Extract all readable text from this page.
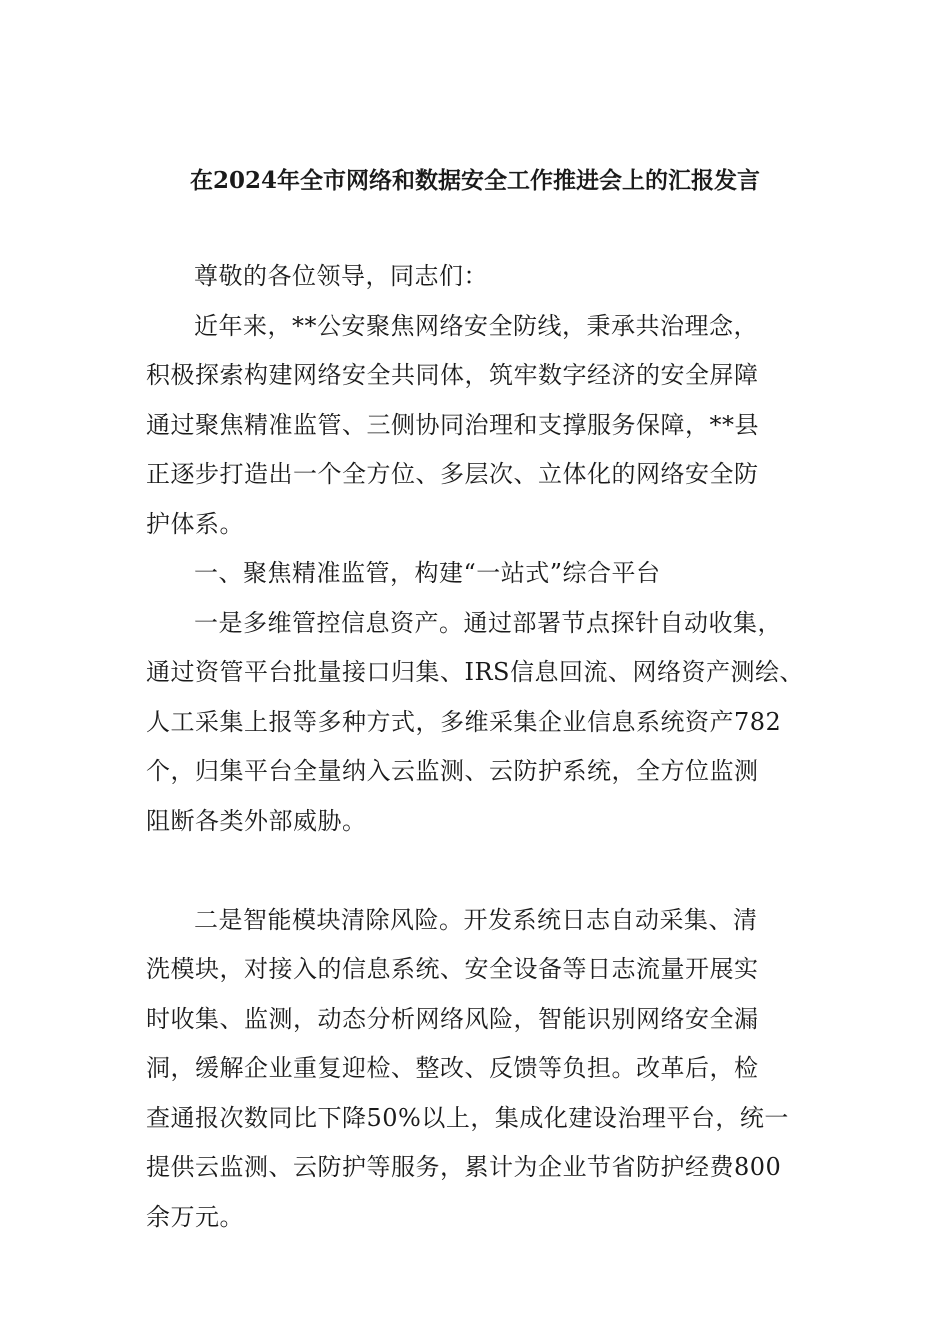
在2024年全市网络和数据安全工作推进会上的汇报发言
尊敬的各位领导，同志们：
近年来，**公安聚焦网络安全防线，秉承共治理念，
积极探索构建网络安全共同体，筑牢数字经济的安全屏障
通过聚焦精准监管、三侧协同治理和支撑服务保障，**县
正逐步打造出一个全方位、多层次、立体化的网络安全防
护体系。
一、聚焦精准监管，构建“一站式”综合平台
一是多维管控信息资产。通过部署节点探针自动收集，
通过资管平台批量接口归集、IRS信息回流、网络资产测绘、
人工采集上报等多种方式，多维采集企业信息系统资产782
个，归集平台全量纳入云监测、云防护系统，全方位监测
阻断各类外部威胁。
二是智能模块清除风险。开发系统日志自动采集、清
洗模块，对接入的信息系统、安全设备等日志流量开展实
时收集、监测，动态分析网络风险，智能识别网络安全漏
洞，缓解企业重复迎检、整改、反馈等负担。改革后，检
查通报次数同比下降50%以上，集成化建设治理平台，统一
提供云监测、云防护等服务，累计为企业节省防护经费800
余万元。
